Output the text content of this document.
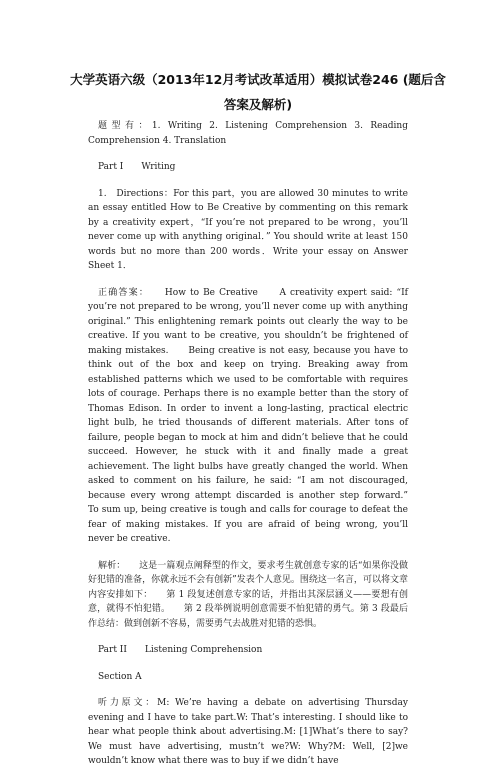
大学英语六级（2013年12月考试改革适用）模拟试卷246 (题后含答案及解析)

题型有：1. Writing 2. Listening Comprehension 3. Reading Comprehension 4. Translation

Part I　　Writing

1.　Directions：For this part，you are allowed 30 minutes to write an essay entitled How to Be Creative by commenting on this remark by a creativity expert，“If you’re not prepared to be wrong，you’ll never come up with anything original．” You should write at least 150 words but no more than 200 words．Write your essay on Answer Sheet 1．

正确答案：　　How to Be Creative　　A creativity expert said: “If you’re not prepared to be wrong, you’ll never come up with anything original.” This enlightening remark points out clearly the way to be creative. If you want to be creative, you shouldn’t be frightened of making mistakes.　　Being creative is not easy, because you have to think out of the box and keep on trying. Breaking away from established patterns which we used to be comfortable with requires lots of courage. Perhaps there is no example better than the story of Thomas Edison. In order to invent a long-lasting, practical electric light bulb, he tried thousands of different materials. After tons of failure, people began to mock at him and didn’t believe that he could succeed. However, he stuck with it and finally made a great achievement. The light bulbs have greatly changed the world. When asked to comment on his failure, he said: “I am not discouraged, because every wrong attempt discarded is another step forward.”　　To sum up, being creative is tough and calls for courage to defeat the fear of making mistakes. If you are afraid of being wrong, you’ll never be creative.

解析：　　这是一篇观点阐释型的作文，要求考生就创意专家的话“如果你没做好犯错的准备，你就永远不会有创新”发表个人意见。围绕这一名言，可以将文章内容安排如下：　　第 1 段复述创意专家的话，并指出其深层涵义——要想有创意，就得不怕犯错。　　第 2 段举例说明创意需要不怕犯错的勇气。第 3 段最后作总结：做到创新不容易，需要勇气去战胜对犯错的恐惧。

Part II　　Listening Comprehension

Section A

听力原文：M: We’re having a debate on advertising Thursday evening and I have to take part.W: That’s interesting. I should like to hear what people think about advertising.M: [1]What’s there to say? We must have advertising, mustn’t we?W: Why?M: Well, [2]we wouldn’t know what there was to buy if we didn’t have
